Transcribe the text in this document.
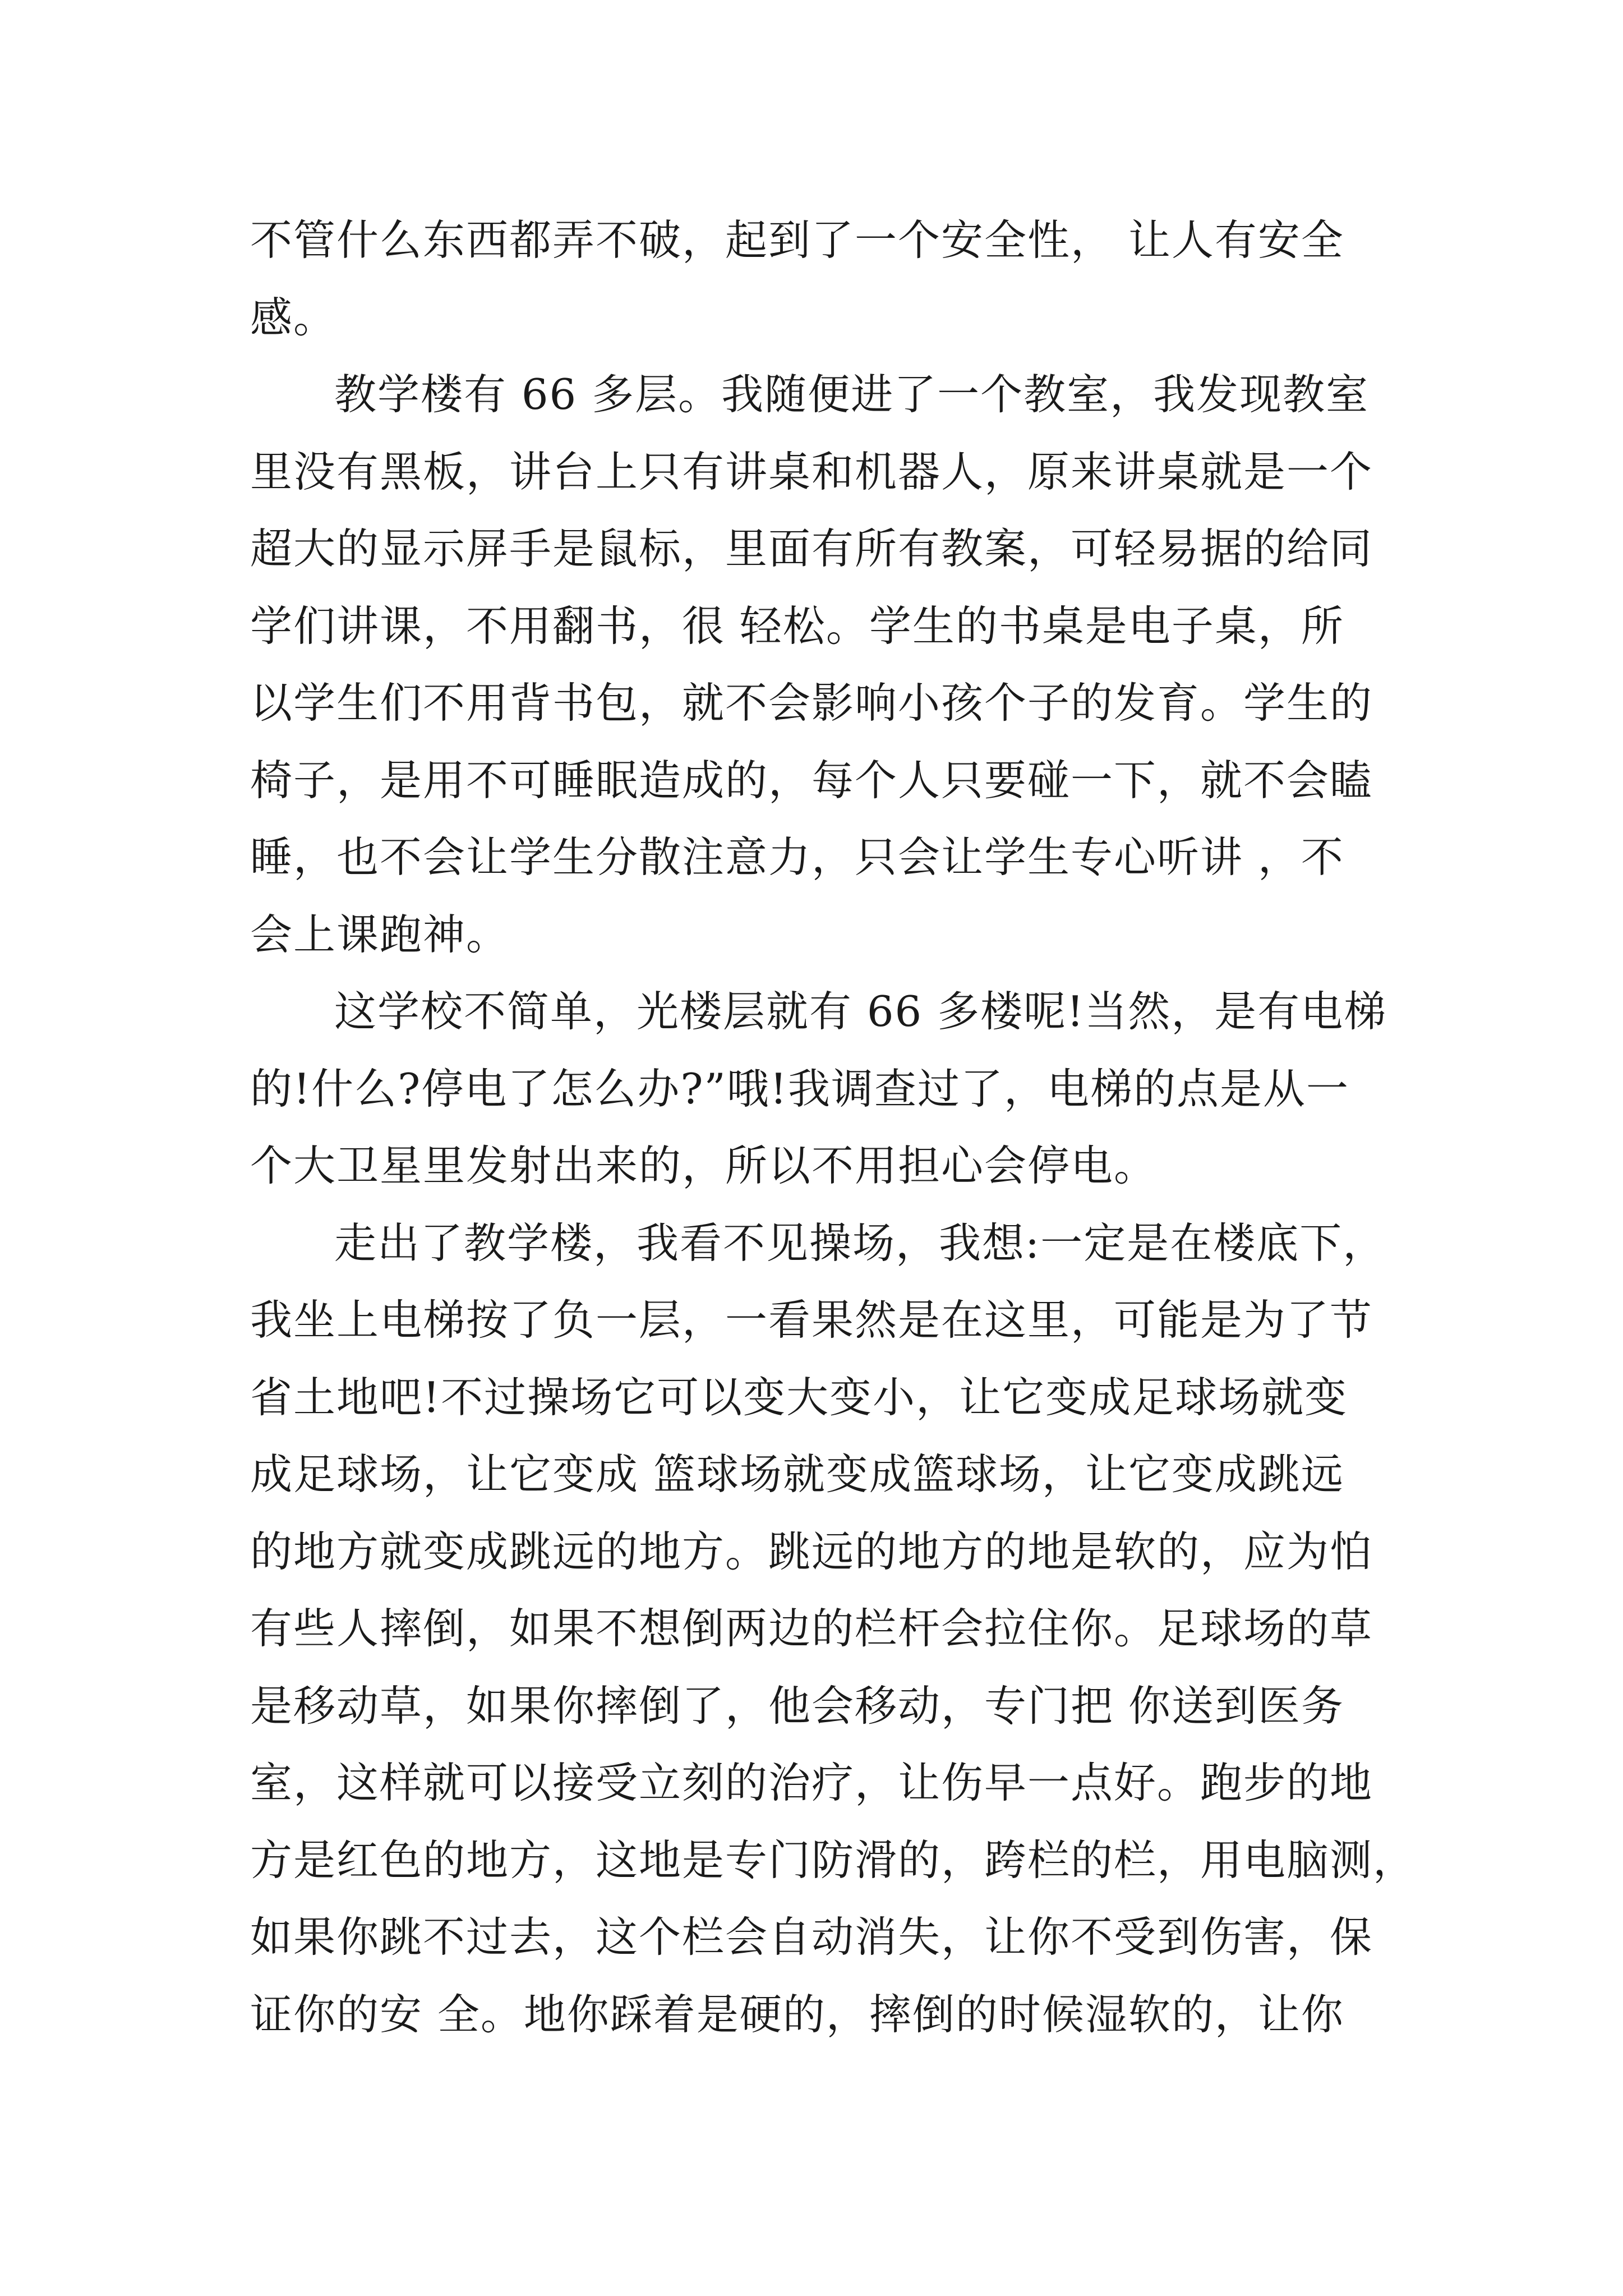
不管什么东西都弄不破，起到了一个安全性， 让人有安全
感。
教学楼有 66 多层。我随便进了一个教室，我发现教室
里没有黑板，讲台上只有讲桌和机器人，原来讲桌就是一个
超大的显示屏手是鼠标，里面有所有教案，可轻易据的给同
学们讲课，不用翻书，很 轻松。学生的书桌是电子桌，所
以学生们不用背书包，就不会影响小孩个子的发育。学生的
椅子，是用不可睡眠造成的，每个人只要碰一下，就不会瞌
睡，也不会让学生分散注意力，只会让学生专心听讲 ，不
会上课跑神。
这学校不简单，光楼层就有 66 多楼呢!当然，是有电梯
的!什么?停电了怎么办?”哦!我调查过了，电梯的点是从一
个大卫星里发射出来的，所以不用担心会停电。
走出了教学楼，我看不见操场，我想:一定是在楼底下，
我坐上电梯按了负一层，一看果然是在这里，可能是为了节
省土地吧!不过操场它可以变大变小，让它变成足球场就变
成足球场，让它变成 篮球场就变成篮球场，让它变成跳远
的地方就变成跳远的地方。跳远的地方的地是软的，应为怕
有些人摔倒，如果不想倒两边的栏杆会拉住你。足球场的草
是移动草，如果你摔倒了，他会移动，专门把 你送到医务
室，这样就可以接受立刻的治疗，让伤早一点好。跑步的地
方是红色的地方，这地是专门防滑的，跨栏的栏，用电脑测，
如果你跳不过去，这个栏会自动消失，让你不受到伤害，保
证你的安 全。地你踩着是硬的，摔倒的时候湿软的，让你
